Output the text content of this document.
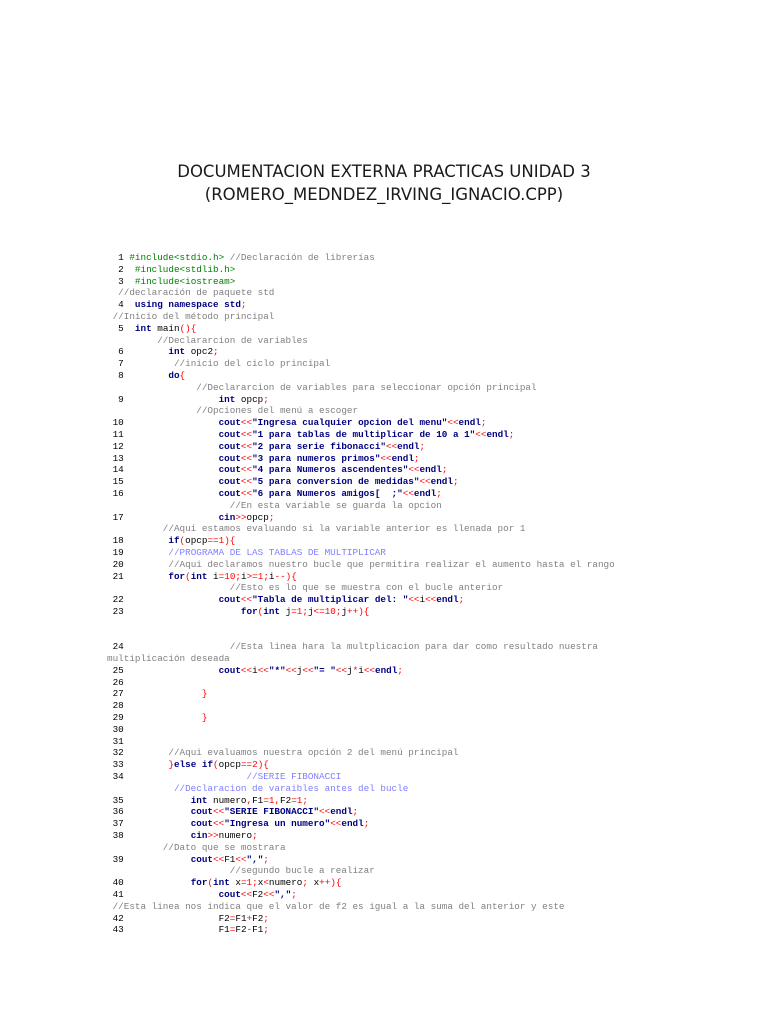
DOCUMENTACION EXTERNA PRACTICAS UNIDAD 3
(ROMERO_MEDNDEZ_IRVING_IGNACIO.CPP)
1 #include<stdio.h> //Declaración de librerías
2  #include<stdlib.h>
3  #include<iostream>
//declaración de paquete std
4  using namespace std;
//Inicio del método principal
5  int main(){
//Declararcion de variables
6        int opc2;
7         //inicio del ciclo principal
8        do{
//Declararcion de variables para seleccionar opción principal
9                 int opcp;
//Opciones del menú a escoger
10                 cout<<"Ingresa cualquier opcion del menu"<<endl;
11                 cout<<"1 para tablas de multiplicar de 10 a 1"<<endl;
12                 cout<<"2 para serie fibonacci"<<endl;
13                 cout<<"3 para numeros primos"<<endl;
14                 cout<<"4 para Numeros ascendentes"<<endl;
15                 cout<<"5 para conversion de medidas"<<endl;
16                 cout<<"6 para Numeros amigos[  ;"<<endl;
//En esta variable se guarda la opcion
17                 cin>>opcp;
//Aqui estamos evaluando si la variable anterior es llenada por 1
18        if(opcp==1){
19        //PROGRAMA DE LAS TABLAS DE MULTIPLICAR
20        //Aqui declaramos nuestro bucle que permitira realizar el aumento hasta el rango
21        for(int i=10;i>=1;i--){
//Esto es lo que se muestra con el bucle anterior
22                 cout<<"Tabla de multiplicar del: "<<i<<endl;
23                     for(int j=1;j<=10;j++){
24                   //Esta linea hara la multplicacion para dar como resultado nuestra
multiplicación deseada
25                 cout<<i<<"*"<<j<<"= "<<j*i<<endl;
26
27              }
28
29              }
30
31
32        //Aqui evaluamos nuestra opción 2 del menú principal
33        }else if(opcp==2){
34                      //SERIE FIBONACCI
//Declaracion de varaibles antes del bucle
35            int numero,F1=1,F2=1;
36            cout<<"SERIE FIBONACCI"<<endl;
37            cout<<"Ingresa un numero"<<endl;
38            cin>>numero;
//Dato que se mostrara
39            cout<<F1<<",";
//segundo bucle a realizar
40            for(int x=1;x<numero; x++){
41                 cout<<F2<<",";
//Esta linea nos indica que el valor de f2 es igual a la suma del anterior y este
42                 F2=F1+F2;
43                 F1=F2-F1;
